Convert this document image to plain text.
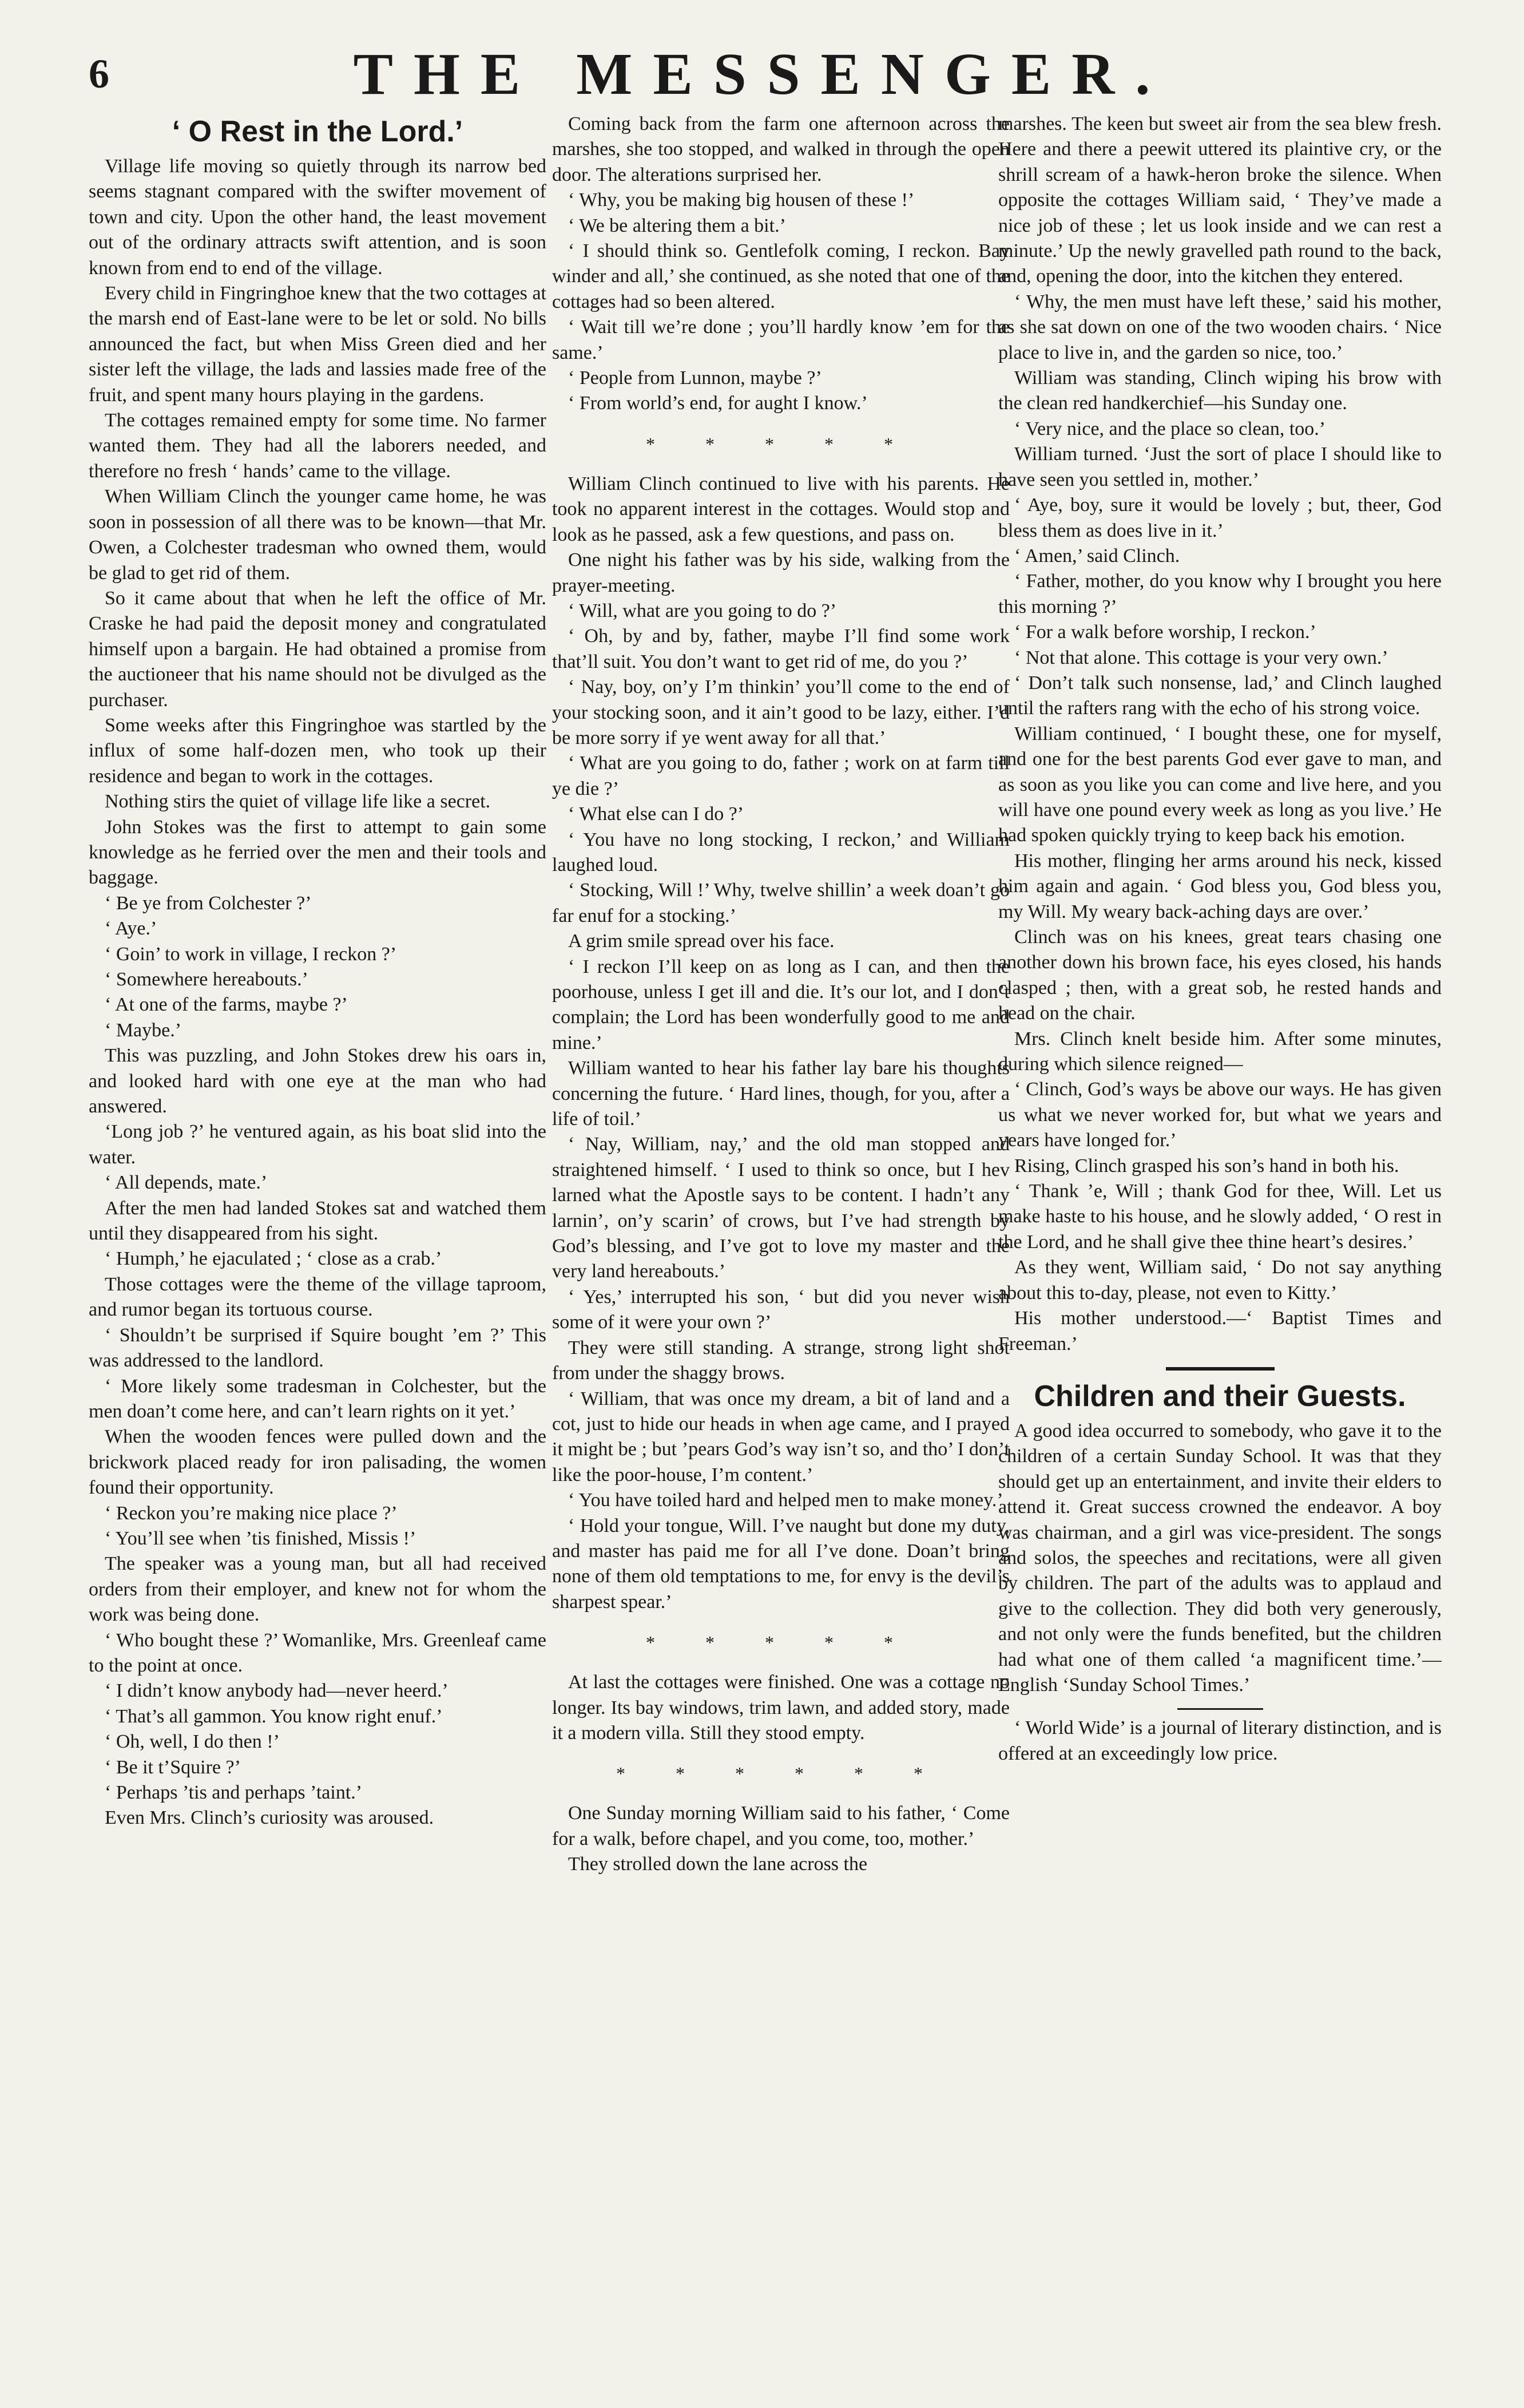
6	THE MESSENGER.
‘ O Rest in the Lord.’

Village life moving so quietly through its narrow bed seems stagnant compared with the swifter movement of town and city. Upon the other hand, the least movement out of the ordinary attracts swift attention, and is soon known from end to end of the village.

Every child in Fingringhoe knew that the two cottages at the marsh end of East-lane were to be let or sold. No bills announced the fact, but when Miss Green died and her sister left the village, the lads and lassies made free of the fruit, and spent many hours playing in the gardens.

The cottages remained empty for some time. No farmer wanted them. They had all the laborers needed, and therefore no fresh ‘ hands’ came to the village.

When William Clinch the younger came home, he was soon in possession of all there was to be known—that Mr. Owen, a Colchester tradesman who owned them, would be glad to get rid of them.

So it came about that when he left the office of Mr. Craske he had paid the deposit money and congratulated himself upon a bargain. He had obtained a promise from the auctioneer that his name should not be divulged as the purchaser.

Some weeks after this Fingringhoe was startled by the influx of some half-dozen men, who took up their residence and began to work in the cottages.

Nothing stirs the quiet of village life like a secret.

John Stokes was the first to attempt to gain some knowledge as he ferried over the men and their tools and baggage.

‘ Be ye from Colchester ?’

‘ Aye.’

‘ Goin’ to work in village, I reckon ?’

‘ Somewhere hereabouts.’

‘ At one of the farms, maybe ?’

‘ Maybe.’

This was puzzling, and John Stokes drew his oars in, and looked hard with one eye at the man who had answered.

‘Long job ?’ he ventured again, as his boat slid into the water.

‘ All depends, mate.’

After the men had landed Stokes sat and watched them until they disappeared from his sight.

‘ Humph,’ he ejaculated ; ‘ close as a crab.’

Those cottages were the theme of the village taproom, and rumor began its tortuous course.

‘ Shouldn’t be surprised if Squire bought ’em ?’ This was addressed to the landlord.

‘ More likely some tradesman in Colchester, but the men doan’t come here, and can’t learn rights on it yet.’

When the wooden fences were pulled down and the brickwork placed ready for iron palisading, the women found their opportunity.

‘ Reckon you’re making nice place ?’

‘ You’ll see when ’tis finished, Missis !’

The speaker was a young man, but all had received orders from their employer, and knew not for whom the work was being done.

‘ Who bought these ?’ Womanlike, Mrs. Greenleaf came to the point at once.

‘ I didn’t know anybody had—never heerd.’

‘ That’s all gammon. You know right enuf.’

‘ Oh, well, I do then !’

‘ Be it t’Squire ?’

‘ Perhaps ’tis and perhaps ’taint.’

Even Mrs. Clinch’s curiosity was aroused.

Coming back from the farm one afternoon across the marshes, she too stopped, and walked in through the open door. The alterations surprised her.

‘ Why, you be making big housen of these !’

‘ We be altering them a bit.’

‘ I should think so. Gentlefolk coming, I reckon. Bay winder and all,’ she continued, as she noted that one of the cottages had so been altered.

‘ Wait till we’re done ; you’ll hardly know ’em for the same.’

‘ People from Lunnon, maybe ?’

‘ From world’s end, for aught I know.’

* * * * *

William Clinch continued to live with his parents. He took no apparent interest in the cottages. Would stop and look as he passed, ask a few questions, and pass on.

One night his father was by his side, walking from the prayer-meeting.

‘ Will, what are you going to do ?’

‘ Oh, by and by, father, maybe I’ll find some work that’ll suit. You don’t want to get rid of me, do you ?’

‘ Nay, boy, on’y I’m thinkin’ you’ll come to the end of your stocking soon, and it ain’t good to be lazy, either. I’d be more sorry if ye went away for all that.’

‘ What are you going to do, father ; work on at farm till ye die ?’

‘ What else can I do ?’

‘ You have no long stocking, I reckon,’ and William laughed loud.

‘ Stocking, Will !’ Why, twelve shillin’ a week doan’t go far enuf for a stocking.’

A grim smile spread over his face.

‘ I reckon I’ll keep on as long as I can, and then the poorhouse, unless I get ill and die. It’s our lot, and I don’t complain; the Lord has been wonderfully good to me and mine.’

William wanted to hear his father lay bare his thoughts concerning the future. ‘ Hard lines, though, for you, after a life of toil.’

‘ Nay, William, nay,’ and the old man stopped and straightened himself. ‘ I used to think so once, but I hev larned what the Apostle says to be content. I hadn’t any larnin’, on’y scarin’ of crows, but I’ve had strength by God’s blessing, and I’ve got to love my master and the very land hereabouts.’

‘ Yes,’ interrupted his son, ‘ but did you never wish some of it were your own ?’

They were still standing. A strange, strong light shot from under the shaggy brows.

‘ William, that was once my dream, a bit of land and a cot, just to hide our heads in when age came, and I prayed it might be ; but ’pears God’s way isn’t so, and tho’ I don’t like the poor-house, I’m content.’

‘ You have toiled hard and helped men to make money.’

‘ Hold your tongue, Will. I’ve naught but done my duty, and master has paid me for all I’ve done. Doan’t bring none of them old temptations to me, for envy is the devil’s sharpest spear.’

* * * * *

At last the cottages were finished. One was a cottage no longer. Its bay windows, trim lawn, and added story, made it a modern villa. Still they stood empty.

* * * * * *

One Sunday morning William said to his father, ‘ Come for a walk, before chapel, and you come, too, mother.’

They strolled down the lane across the

marshes. The keen but sweet air from the sea blew fresh. Here and there a peewit uttered its plaintive cry, or the shrill scream of a hawk-heron broke the silence. When opposite the cottages William said, ‘ They’ve made a nice job of these ; let us look inside and we can rest a minute.’ Up the newly gravelled path round to the back, and, opening the door, into the kitchen they entered.

‘ Why, the men must have left these,’ said his mother, as she sat down on one of the two wooden chairs. ‘ Nice place to live in, and the garden so nice, too.’

William was standing, Clinch wiping his brow with the clean red handkerchief—his Sunday one.

‘ Very nice, and the place so clean, too.’

William turned. ‘Just the sort of place I should like to have seen you settled in, mother.’

‘ Aye, boy, sure it would be lovely ; but, theer, God bless them as does live in it.’

‘ Amen,’ said Clinch.

‘ Father, mother, do you know why I brought you here this morning ?’

‘ For a walk before worship, I reckon.’

‘ Not that alone. This cottage is your very own.’

‘ Don’t talk such nonsense, lad,’ and Clinch laughed until the rafters rang with the echo of his strong voice.

William continued, ‘ I bought these, one for myself, and one for the best parents God ever gave to man, and as soon as you like you can come and live here, and you will have one pound every week as long as you live.’ He had spoken quickly trying to keep back his emotion.

His mother, flinging her arms around his neck, kissed him again and again. ‘ God bless you, God bless you, my Will. My weary back-aching days are over.’

Clinch was on his knees, great tears chasing one another down his brown face, his eyes closed, his hands clasped ; then, with a great sob, he rested hands and head on the chair.

Mrs. Clinch knelt beside him. After some minutes, during which silence reigned—

‘ Clinch, God’s ways be above our ways. He has given us what we never worked for, but what we years and years have longed for.’

Rising, Clinch grasped his son’s hand in both his.

‘ Thank ’e, Will ; thank God for thee, Will. Let us make haste to his house, and he slowly added, ‘ O rest in the Lord, and he shall give thee thine heart’s desires.’

As they went, William said, ‘ Do not say anything about this to-day, please, not even to Kitty.’

His mother understood.—‘ Baptist Times and Freeman.’

Children and their Guests.

A good idea occurred to somebody, who gave it to the children of a certain Sunday School. It was that they should get up an entertainment, and invite their elders to attend it. Great success crowned the endeavor. A boy was chairman, and a girl was vice-president. The songs and solos, the speeches and recitations, were all given by children. The part of the adults was to applaud and give to the collection. They did both very generously, and not only were the funds benefited, but the children had what one of them called ‘a magnificent time.’—English ‘Sunday School Times.’

‘ World Wide’ is a journal of literary distinction, and is offered at an exceedingly low price.
